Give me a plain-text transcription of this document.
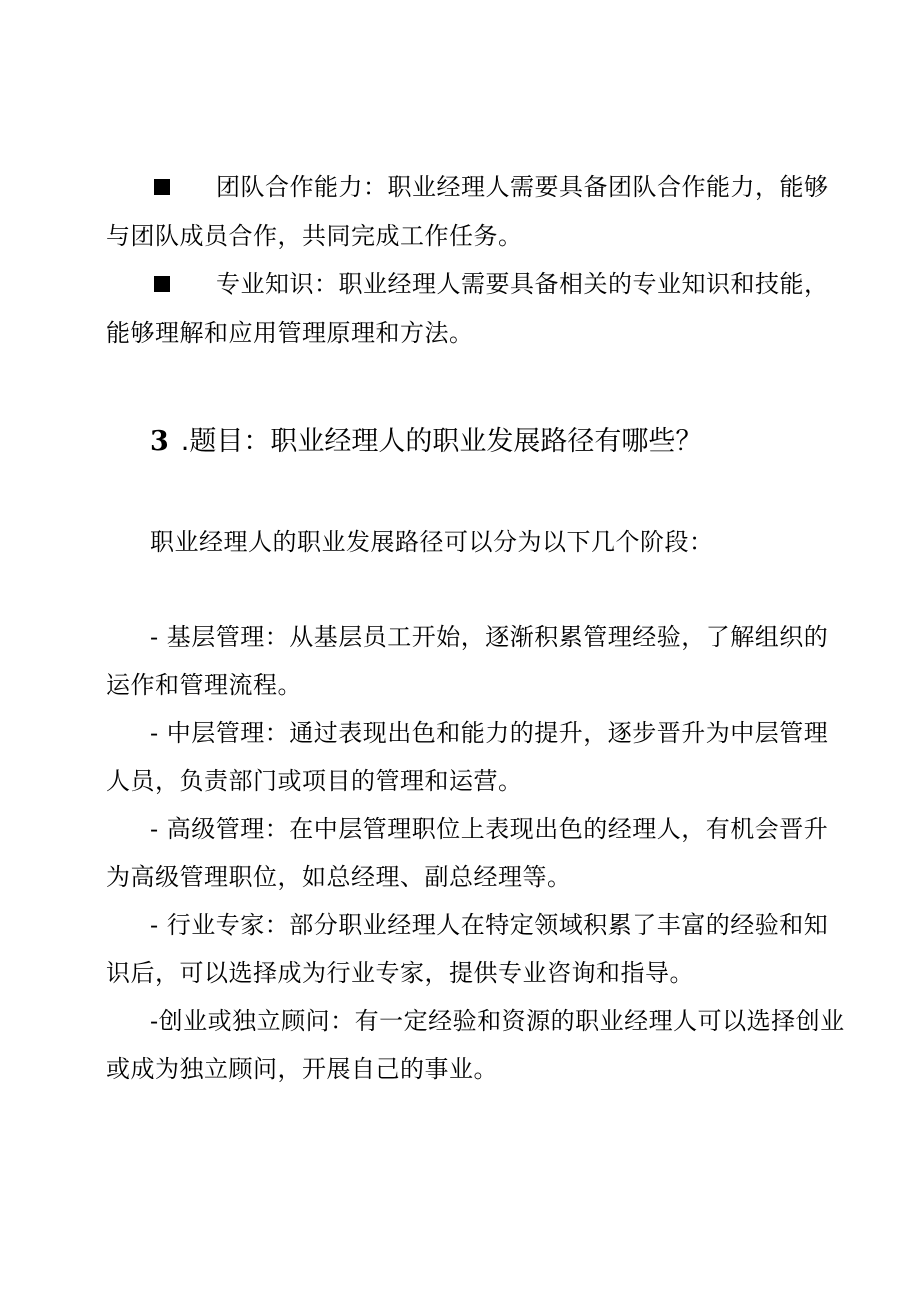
团队合作能力：职业经理人需要具备团队合作能力，能够
与团队成员合作，共同完成工作任务。
专业知识：职业经理人需要具备相关的专业知识和技能，
能够理解和应用管理原理和方法。
3 .题目：职业经理人的职业发展路径有哪些？
职业经理人的职业发展路径可以分为以下几个阶段：
- 基层管理：从基层员工开始，逐渐积累管理经验，了解组织的
运作和管理流程。
- 中层管理：通过表现出色和能力的提升，逐步晋升为中层管理
人员，负责部门或项目的管理和运营。
- 高级管理：在中层管理职位上表现出色的经理人，有机会晋升
为高级管理职位，如总经理、副总经理等。
- 行业专家：部分职业经理人在特定领域积累了丰富的经验和知
识后，可以选择成为行业专家，提供专业咨询和指导。
-创业或独立顾问：有一定经验和资源的职业经理人可以选择创业
或成为独立顾问，开展自己的事业。
